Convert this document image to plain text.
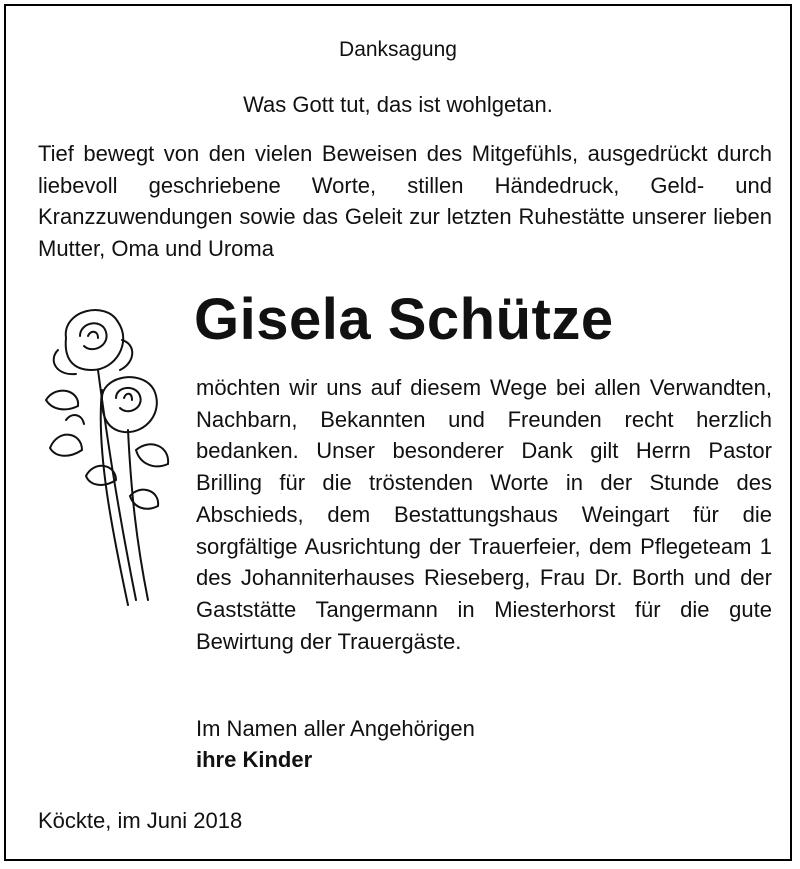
Danksagung
Was Gott tut, das ist wohlgetan.
Tief bewegt von den vielen Beweisen des Mitgefühls, ausgedrückt durch liebevoll geschriebene Worte, stillen Händedruck, Geld- und Kranzzuwendungen sowie das Geleit zur letzten Ruhestätte unserer lieben Mutter, Oma und Uroma
Gisela Schütze
möchten wir uns auf diesem Wege bei allen Verwandten, Nachbarn, Bekannten und Freunden recht herzlich bedanken. Unser besonderer Dank gilt Herrn Pastor Brilling für die tröstenden Worte in der Stunde des Abschieds, dem Bestattungshaus Weingart für die sorgfältige Ausrichtung der Trauerfeier, dem Pflegeteam 1 des Johanniterhauses Rieseberg, Frau Dr. Borth und der Gaststätte Tangermann in Miesterhorst für die gute Bewirtung der Trauergäste.
Im Namen aller Angehörigen
ihre Kinder
Köckte, im Juni 2018
